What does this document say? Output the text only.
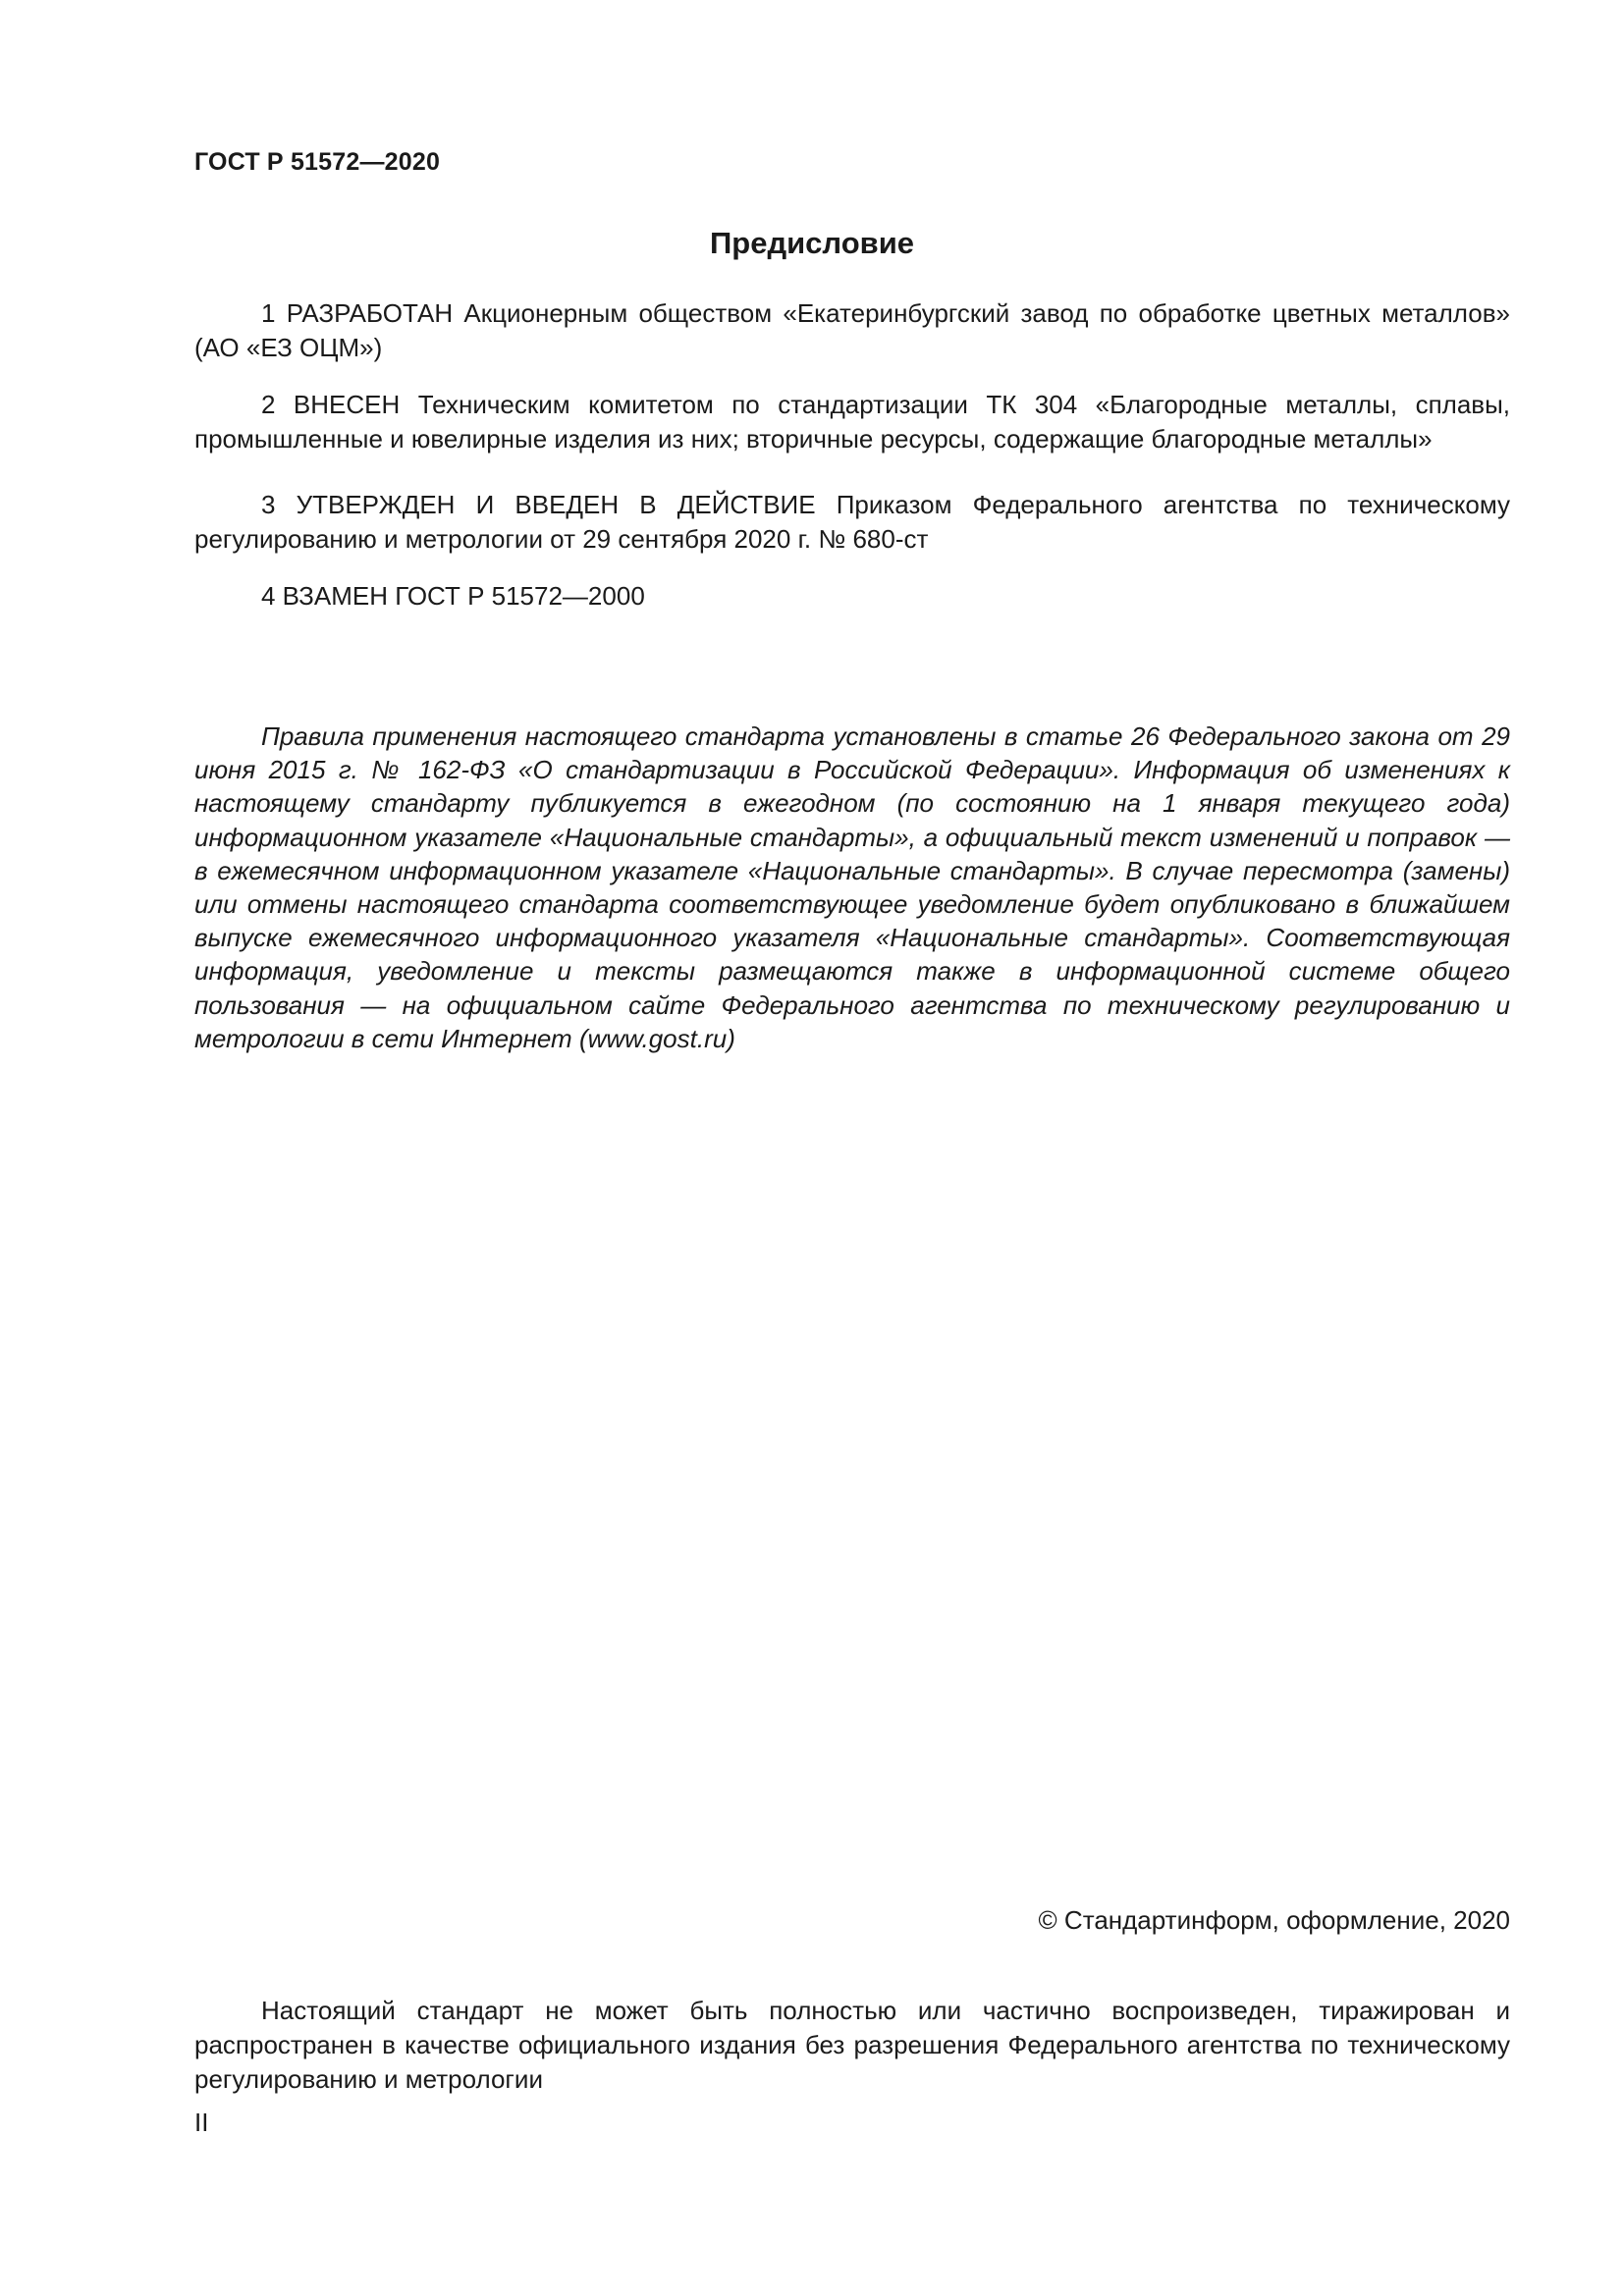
ГОСТ Р 51572—2020
Предисловие

1 РАЗРАБОТАН Акционерным обществом «Екатеринбургский завод по обработке цветных металлов» (АО «ЕЗ ОЦМ»)

2 ВНЕСЕН Техническим комитетом по стандартизации ТК 304 «Благородные металлы, сплавы, промышленные и ювелирные изделия из них; вторичные ресурсы, содержащие благородные металлы»

3 УТВЕРЖДЕН И ВВЕДЕН В ДЕЙСТВИЕ Приказом Федерального агентства по техническому регулированию и метрологии от 29 сентября 2020 г. № 680-ст

4 ВЗАМЕН ГОСТ Р 51572—2000

Правила применения настоящего стандарта установлены в статье 26 Федерального закона от 29 июня 2015 г. № 162-ФЗ «О стандартизации в Российской Федерации». Информация об изменениях к настоящему стандарту публикуется в ежегодном (по состоянию на 1 января текущего года) информационном указателе «Национальные стандарты», а официальный текст изменений и поправок — в ежемесячном информационном указателе «Национальные стандарты». В случае пересмотра (замены) или отмены настоящего стандарта соответствующее уведомление будет опубликовано в ближайшем выпуске ежемесячного информационного указателя «Национальные стандарты». Соответствующая информация, уведомление и тексты размещаются также в информационной системе общего пользования — на официальном сайте Федерального агентства по техническому регулированию и метрологии в сети Интернет (www.gost.ru)

© Стандартинформ, оформление, 2020

Настоящий стандарт не может быть полностью или частично воспроизведен, тиражирован и распространен в качестве официального издания без разрешения Федерального агентства по техническому регулированию и метрологии

II
